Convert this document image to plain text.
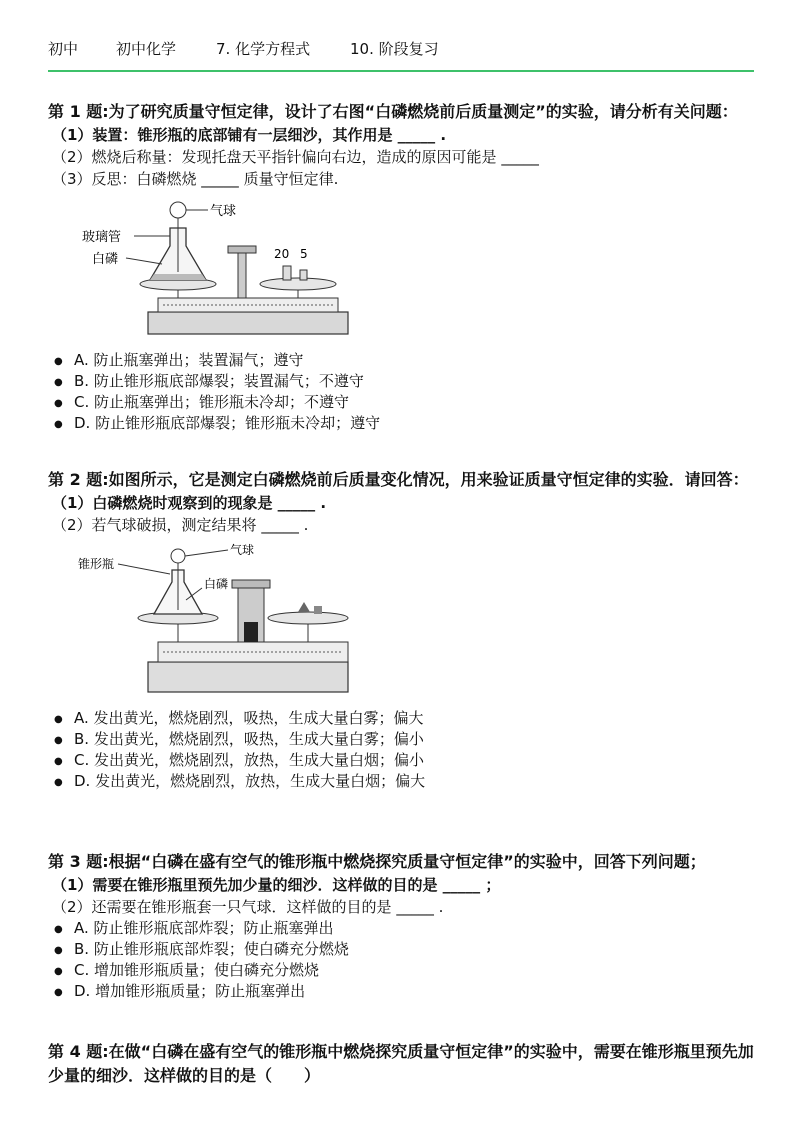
初中	初中化学	7. 化学方程式	10. 阶段复习
第 1 题:为了研究质量守恒定律，设计了右图“白磷燃烧前后质量测定”的实验，请分析有关问题：
（1）装置：锥形瓶的底部铺有一层细沙，其作用是 _____ .
（2）燃烧后称量：发现托盘天平指针偏向右边，造成的原因可能是 _____
（3）反思：白磷燃烧 _____ 质量守恒定律.
气球
玻璃管
白磷	20 5
● A. 防止瓶塞弹出；装置漏气；遵守
● B. 防止锥形瓶底部爆裂；装置漏气；不遵守
● C. 防止瓶塞弹出；锥形瓶未冷却；不遵守
● D. 防止锥形瓶底部爆裂；锥形瓶未冷却；遵守
第 2 题:如图所示，它是测定白磷燃烧前后质量变化情况，用来验证质量守恒定律的实验．请回答：
（1）白磷燃烧时观察到的现象是 _____ .
（2）若气球破损，测定结果将 _____ .
气球
锥形瓶
白磷
● A. 发出黄光，燃烧剧烈，吸热，生成大量白雾；偏大
● B. 发出黄光，燃烧剧烈，吸热，生成大量白雾；偏小
● C. 发出黄光，燃烧剧烈，放热，生成大量白烟；偏小
● D. 发出黄光，燃烧剧烈，放热，生成大量白烟；偏大
第 3 题:根据“白磷在盛有空气的锥形瓶中燃烧探究质量守恒定律”的实验中，回答下列问题；
（1）需要在锥形瓶里预先加少量的细沙．这样做的目的是 _____ ；
（2）还需要在锥形瓶套一只气球．这样做的目的是 _____ .
● A. 防止锥形瓶底部炸裂；防止瓶塞弹出
● B. 防止锥形瓶底部炸裂；使白磷充分燃烧
● C. 增加锥形瓶质量；使白磷充分燃烧
● D. 增加锥形瓶质量；防止瓶塞弹出
第 4 题:在做“白磷在盛有空气的锥形瓶中燃烧探究质量守恒定律”的实验中，需要在锥形瓶里预先加少量的细沙．这样做的目的是（　　）
